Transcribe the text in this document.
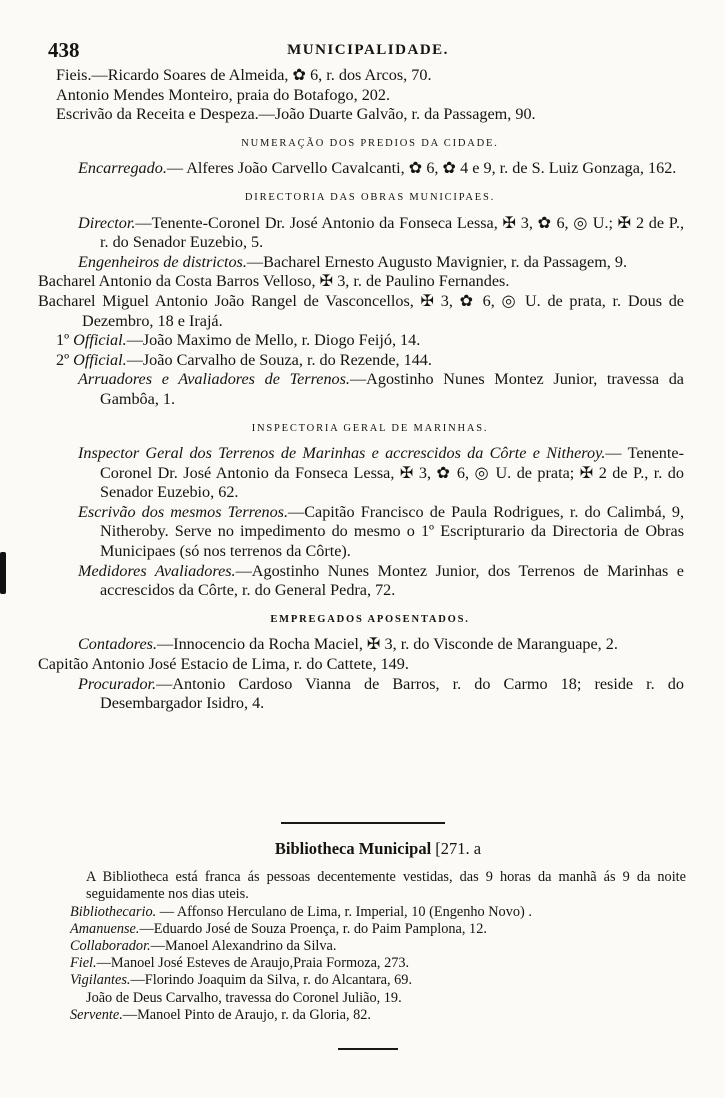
438	MUNICIPALIDADE.

Fieis.—Ricardo Soares de Almeida, ✿ 6, r. dos Arcos, 70.

Antonio Mendes Monteiro, praia do Botafogo, 202.

Escrivão da Receita e Despeza.—João Duarte Galvão, r. da Passagem, 90.

NUMERAÇÃO DOS PREDIOS DA CIDADE.

Encarregado.— Alferes João Carvello Cavalcanti, ✿ 6, ✿ 4 e 9, r. de S. Luiz Gonzaga, 162.

DIRECTORIA DAS OBRAS MUNICIPAES.

Director.—Tenente-Coronel Dr. José Antonio da Fonseca Lessa, ✠ 3, ✿ 6, ◎ U.; ✠ 2 de P., r. do Senador Euzebio, 5.

Engenheiros de districtos.—Bacharel Ernesto Augusto Mavignier, r. da Passagem, 9.

Bacharel Antonio da Costa Barros Velloso, ✠ 3, r. de Paulino Fernandes.

Bacharel Miguel Antonio João Rangel de Vasconcellos, ✠ 3, ✿ 6, ◎ U. de prata, r. Dous de Dezembro, 18 e Irajá.

1º Official.—João Maximo de Mello, r. Diogo Feijó, 14.

2º Official.—João Carvalho de Souza, r. do Rezende, 144.

Arruadores e Avaliadores de Terrenos.—Agostinho Nunes Montez Junior, travessa da Gambôa, 1.

INSPECTORIA GERAL DE MARINHAS.

Inspector Geral dos Terrenos de Marinhas e accrescidos da Côrte e Nitheroy.— Tenente-Coronel Dr. José Antonio da Fonseca Lessa, ✠ 3, ✿ 6, ◎ U. de prata; ✠ 2 de P., r. do Senador Euzebio, 62.

Escrivão dos mesmos Terrenos.—Capitão Francisco de Paula Rodrigues, r. do Calimbá, 9, Nitheroby. Serve no impedimento do mesmo o 1º Escripturario da Directoria de Obras Municipaes (só nos terrenos da Côrte).

Medidores Avaliadores.—Agostinho Nunes Montez Junior, dos Terrenos de Marinhas e accrescidos da Côrte, r. do General Pedra, 72.

EMPREGADOS APOSENTADOS.

Contadores.—Innocencio da Rocha Maciel, ✠ 3, r. do Visconde de Maranguape, 2.

Capitão Antonio José Estacio de Lima, r. do Cattete, 149.

Procurador.—Antonio Cardoso Vianna de Barros, r. do Carmo 18; reside r. do Desembargador Isidro, 4.

Bibliotheca Municipal [271. a

A Bibliotheca está franca ás pessoas decentemente vestidas, das 9 horas da manhã ás 9 da noite seguidamente nos dias uteis.

Bibliothecario. — Affonso Herculano de Lima, r. Imperial, 10 (Engenho Novo) .

Amanuense.—Eduardo José de Souza Proença, r. do Paim Pamplona, 12.

Collaborador.—Manoel Alexandrino da Silva.

Fiel.—Manoel José Esteves de Araujo,Praia Formoza, 273.

Vigilantes.—Florindo Joaquim da Silva, r. do Alcantara, 69.

João de Deus Carvalho, travessa do Coronel Julião, 19.

Servente.—Manoel Pinto de Araujo, r. da Gloria, 82.
